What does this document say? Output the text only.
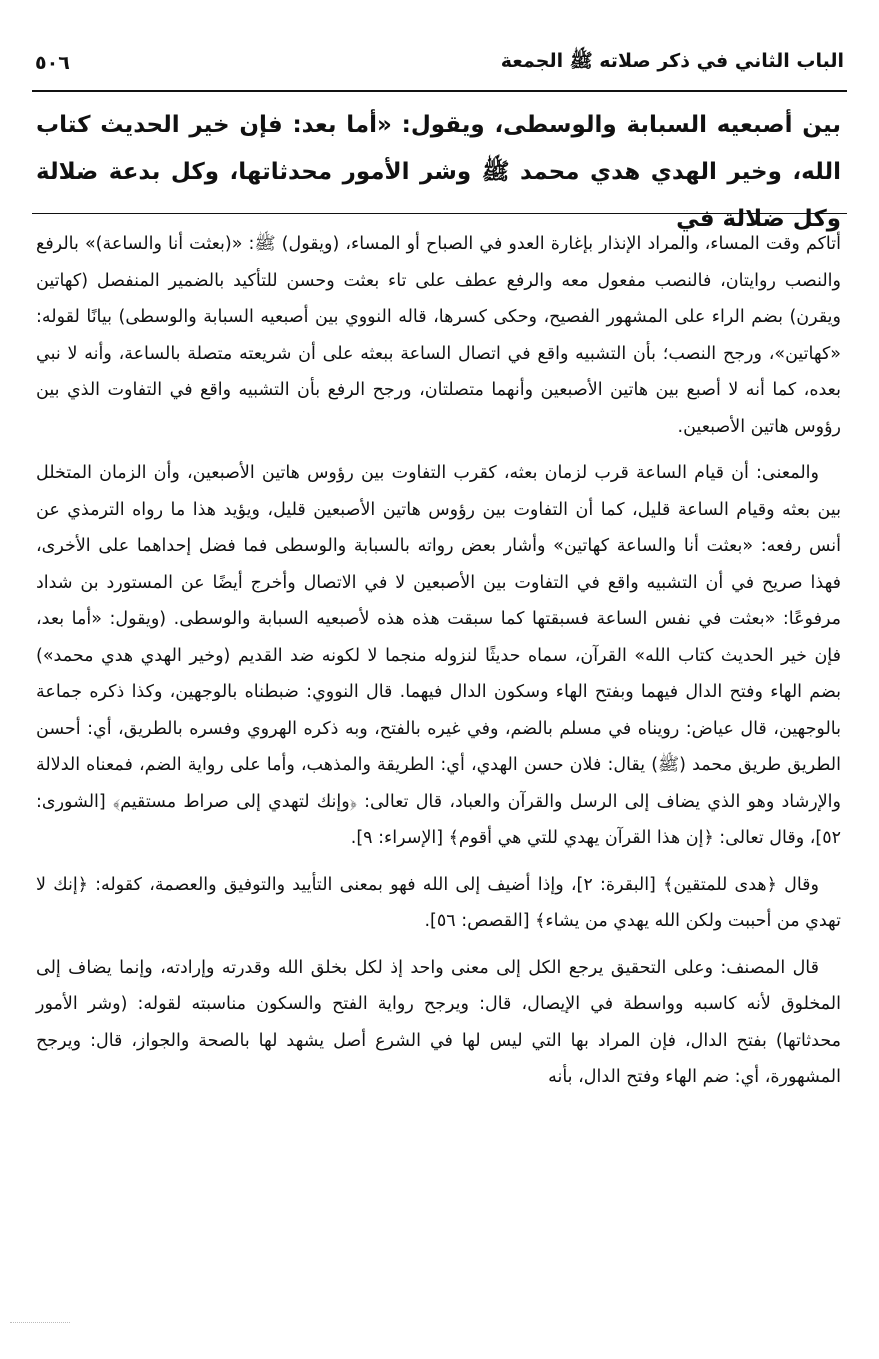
الباب الثاني في ذكر صلاته ﷺ الجمعة
٥٠٦

بين أصبعيه السبابة والوسطى، ويقول: «أما بعد: فإن خير الحديث كتاب الله، وخير الهدي هدي محمد ﷺ وشر الأمور محدثاتها، وكل بدعة ضلالة وكل ضلالة في

أتاكم وقت المساء، والمراد الإنذار بإغارة العدو في الصباح أو المساء، (ويقول) ﷺ: «(بعثت أنا والساعة)» بالرفع والنصب روايتان، فالنصب مفعول معه والرفع عطف على تاء بعثت وحسن للتأكيد بالضمير المنفصل (كهاتين ويقرن) بضم الراء على المشهور الفصيح، وحكى كسرها، قاله النووي بين أصبعيه السبابة والوسطى) بيانًا لقوله: «كهاتين»، ورجح النصب؛ بأن التشبيه واقع في اتصال الساعة ببعثه على أن شريعته متصلة بالساعة، وأنه لا نبي بعده، كما أنه لا أصبع بين هاتين الأصبعين وأنهما متصلتان، ورجح الرفع بأن التشبيه واقع في التفاوت الذي بين رؤوس هاتين الأصبعين.

والمعنى: أن قيام الساعة قرب لزمان بعثه، كقرب التفاوت بين رؤوس هاتين الأصبعين، وأن الزمان المتخلل بين بعثه وقيام الساعة قليل، كما أن التفاوت بين رؤوس هاتين الأصبعين قليل، ويؤيد هذا ما رواه الترمذي عن أنس رفعه: «بعثت أنا والساعة كهاتين» وأشار بعض رواته بالسبابة والوسطى فما فضل إحداهما على الأخرى، فهذا صريح في أن التشبيه واقع في التفاوت بين الأصبعين لا في الاتصال وأخرج أيضًا عن المستورد بن شداد مرفوعًا: «بعثت في نفس الساعة فسبقتها كما سبقت هذه هذه لأصبعيه السبابة والوسطى. (ويقول: «أما بعد، فإن خير الحديث كتاب الله» القرآن، سماه حديثًا لنزوله منجما لا لكونه ضد القديم (وخير الهدي هدي محمد») بضم الهاء وفتح الدال فيهما وبفتح الهاء وسكون الدال فيهما. قال النووي: ضبطناه بالوجهين، وكذا ذكره جماعة بالوجهين، قال عياض: رويناه في مسلم بالضم، وفي غيره بالفتح، وبه ذكره الهروي وفسره بالطريق، أي: أحسن الطريق طريق محمد (ﷺ) يقال: فلان حسن الهدي، أي: الطريقة والمذهب، وأما على رواية الضم، فمعناه الدلالة والإرشاد وهو الذي يضاف إلى الرسل والقرآن والعباد، قال تعالى: ﴿وإنك لتهدي إلى صراط مستقيم﴾ [الشورى: ٥٢]، وقال تعالى: ﴿إن هذا القرآن يهدي للتي هي أقوم﴾ [الإسراء: ٩].

وقال ﴿هدى للمتقين﴾ [البقرة: ٢]، وإذا أضيف إلى الله فهو بمعنى التأييد والتوفيق والعصمة، كقوله: ﴿إنك لا تهدي من أحببت ولكن الله يهدي من يشاء﴾ [القصص: ٥٦].

قال المصنف: وعلى التحقيق يرجع الكل إلى معنى واحد إذ لكل بخلق الله وقدرته وإرادته، وإنما يضاف إلى المخلوق لأنه كاسبه وواسطة في الإيصال، قال: ويرجح رواية الفتح والسكون مناسبته لقوله: (وشر الأمور محدثاتها) بفتح الدال، فإن المراد بها التي ليس لها في الشرع أصل يشهد لها بالصحة والجواز، قال: ويرجح المشهورة، أي: ضم الهاء وفتح الدال، بأنه
